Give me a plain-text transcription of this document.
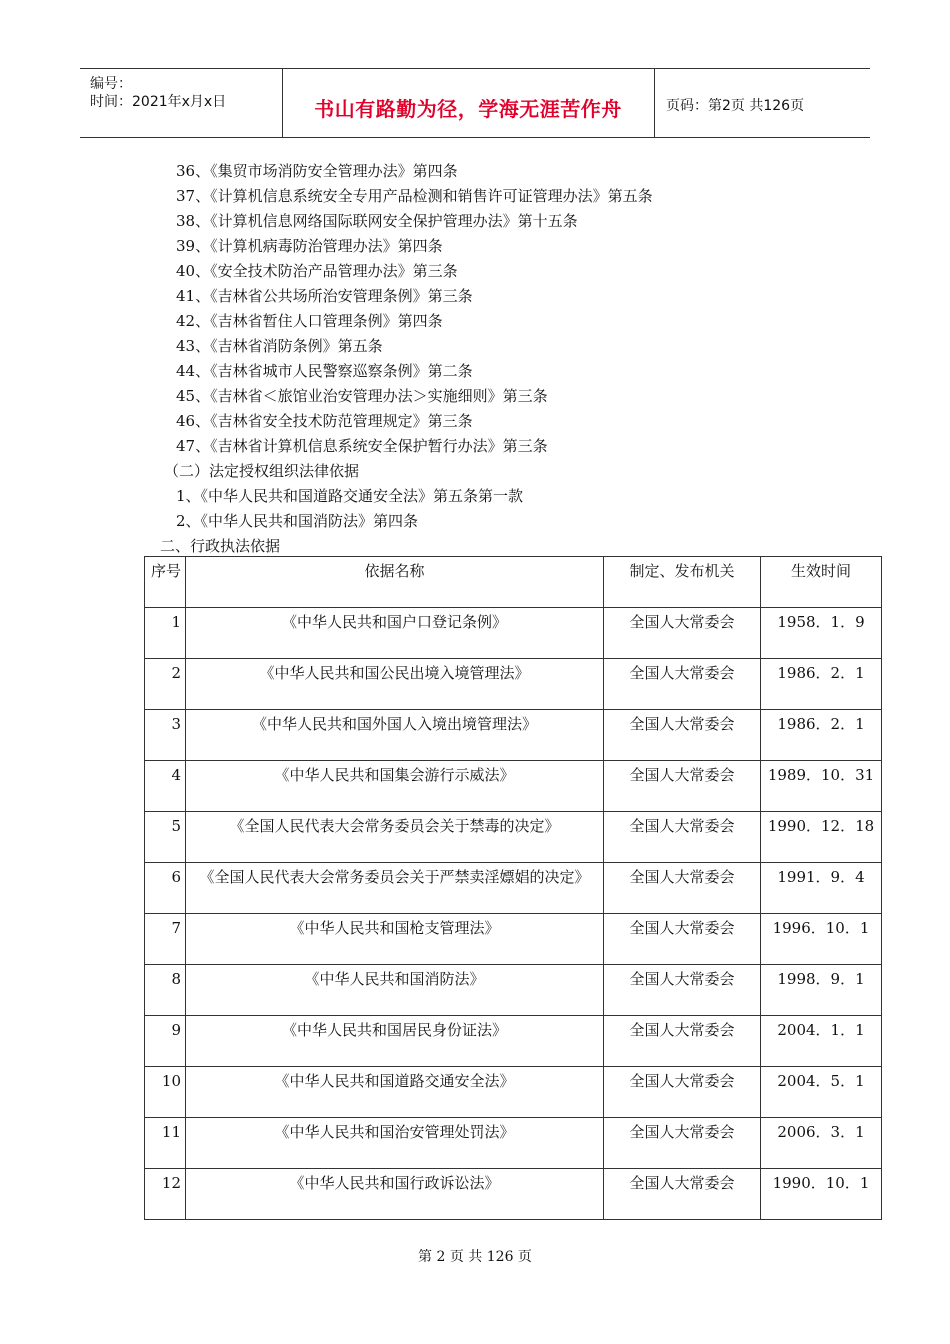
编号：
时间：2021年x月x日	书山有路勤为径，学海无涯苦作舟	页码：第2页 共126页
36、《集贸市场消防安全管理办法》第四条
37、《计算机信息系统安全专用产品检测和销售许可证管理办法》第五条
38、《计算机信息网络国际联网安全保护管理办法》第十五条
39、《计算机病毒防治管理办法》第四条
40、《安全技术防治产品管理办法》第三条
41、《吉林省公共场所治安管理条例》第三条
42、《吉林省暂住人口管理条例》第四条
43、《吉林省消防条例》第五条
44、《吉林省城市人民警察巡察条例》第二条
45、《吉林省＜旅馆业治安管理办法＞实施细则》第三条
46、《吉林省安全技术防范管理规定》第三条
47、《吉林省计算机信息系统安全保护暂行办法》第三条
（二）法定授权组织法律依据
1、《中华人民共和国道路交通安全法》第五条第一款
2、《中华人民共和国消防法》第四条
二、行政执法依据
序号	依据名称	制定、发布机关	生效时间
1	《中华人民共和国户口登记条例》	全国人大常委会	1958．1．9
2	《中华人民共和国公民出境入境管理法》	全国人大常委会	1986．2．1
3	《中华人民共和国外国人入境出境管理法》	全国人大常委会	1986．2．1
4	《中华人民共和国集会游行示威法》	全国人大常委会	1989．10．31
5	《全国人民代表大会常务委员会关于禁毒的决定》	全国人大常委会	1990．12．18
6	《全国人民代表大会常务委员会关于严禁卖淫嫖娼的决定》	全国人大常委会	1991．9．4
7	《中华人民共和国枪支管理法》	全国人大常委会	1996．10．1
8	《中华人民共和国消防法》	全国人大常委会	1998．9．1
9	《中华人民共和国居民身份证法》	全国人大常委会	2004．1．1
10	《中华人民共和国道路交通安全法》	全国人大常委会	2004．5．1
11	《中华人民共和国治安管理处罚法》	全国人大常委会	2006．3．1
12	《中华人民共和国行政诉讼法》	全国人大常委会	1990．10．1
第 2 页 共 126 页
